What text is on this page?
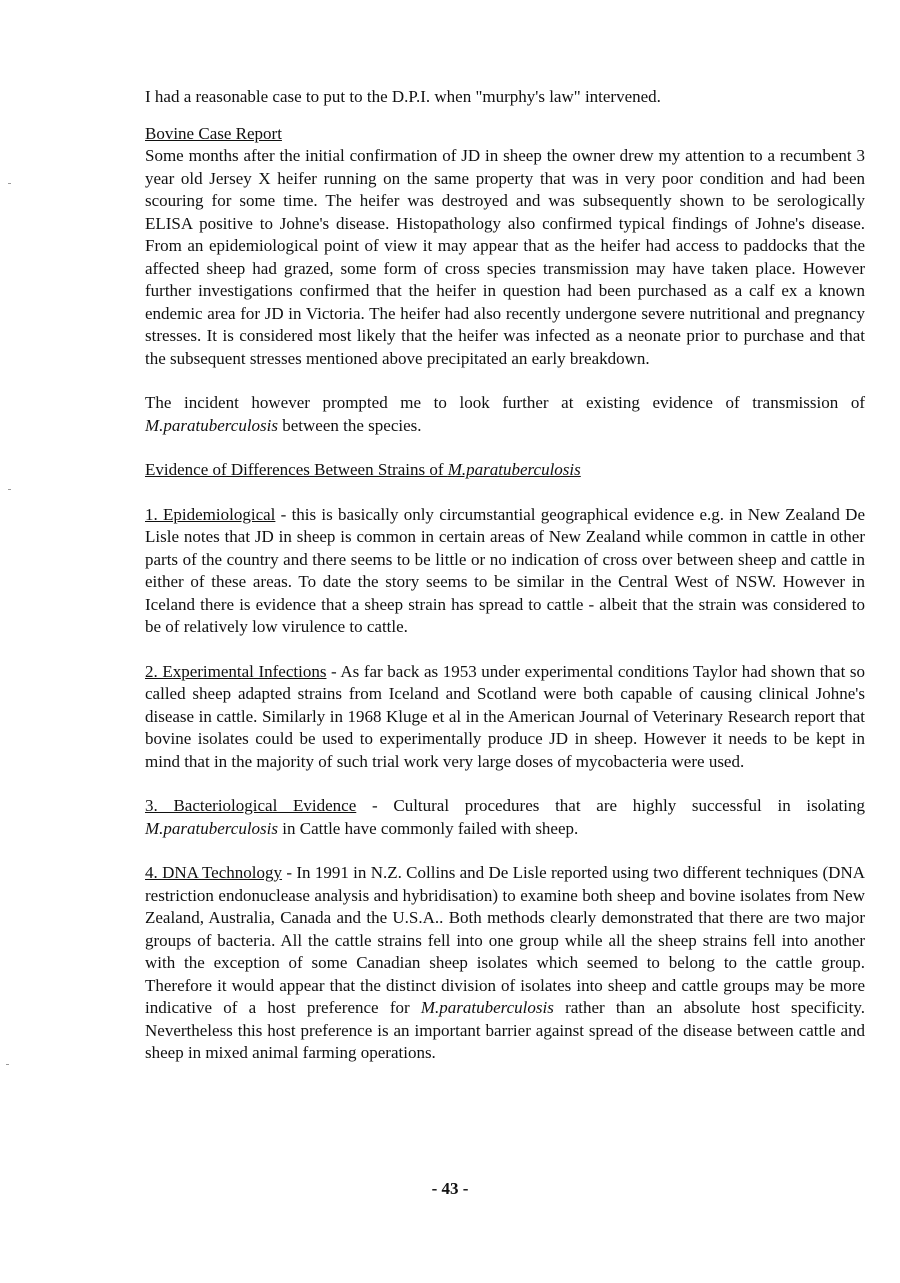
I had a reasonable case to put to the D.P.I. when "murphy's law" intervened.

Bovine Case Report

Some months after the initial confirmation of JD in sheep the owner drew my attention to a recumbent 3 year old Jersey X heifer running on the same property that was in very poor condition and had been scouring for some time. The heifer was destroyed and was subsequently shown to be serologically ELISA positive to Johne's disease. Histopathology also confirmed typical findings of Johne's disease. From an epidemiological point of view it may appear that as the heifer had access to paddocks that the affected sheep had grazed, some form of cross species transmission may have taken place. However further investigations confirmed that the heifer in question had been purchased as a calf ex a known endemic area for JD in Victoria. The heifer had also recently undergone severe nutritional and pregnancy stresses. It is considered most likely that the heifer was infected as a neonate prior to purchase and that the subsequent stresses mentioned above precipitated an early breakdown.

The incident however prompted me to look further at existing evidence of transmission of M.paratuberculosis between the species.

Evidence of Differences Between Strains of M.paratuberculosis

1. Epidemiological - this is basically only circumstantial geographical evidence e.g. in New Zealand De Lisle notes that JD in sheep is common in certain areas of New Zealand while common in cattle in other parts of the country and there seems to be little or no indication of cross over between sheep and cattle in either of these areas. To date the story seems to be similar in the Central West of NSW. However in Iceland there is evidence that a sheep strain has spread to cattle - albeit that the strain was considered to be of relatively low virulence to cattle.

2. Experimental Infections - As far back as 1953 under experimental conditions Taylor had shown that so called sheep adapted strains from Iceland and Scotland were both capable of causing clinical Johne's disease in cattle. Similarly in 1968 Kluge et al in the American Journal of Veterinary Research report that bovine isolates could be used to experimentally produce JD in sheep. However it needs to be kept in mind that in the majority of such trial work very large doses of mycobacteria were used.

3. Bacteriological Evidence - Cultural procedures that are highly successful in isolating M.paratuberculosis in Cattle have commonly failed with sheep.

4. DNA Technology - In 1991 in N.Z. Collins and De Lisle reported using two different techniques (DNA restriction endonuclease analysis and hybridisation) to examine both sheep and bovine isolates from New Zealand, Australia, Canada and the U.S.A.. Both methods clearly demonstrated that there are two major groups of bacteria. All the cattle strains fell into one group while all the sheep strains fell into another with the exception of some Canadian sheep isolates which seemed to belong to the cattle group. Therefore it would appear that the distinct division of isolates into sheep and cattle groups may be more indicative of a host preference for M.paratuberculosis rather than an absolute host specificity. Nevertheless this host preference is an important barrier against spread of the disease between cattle and sheep in mixed animal farming operations.

- 43 -
